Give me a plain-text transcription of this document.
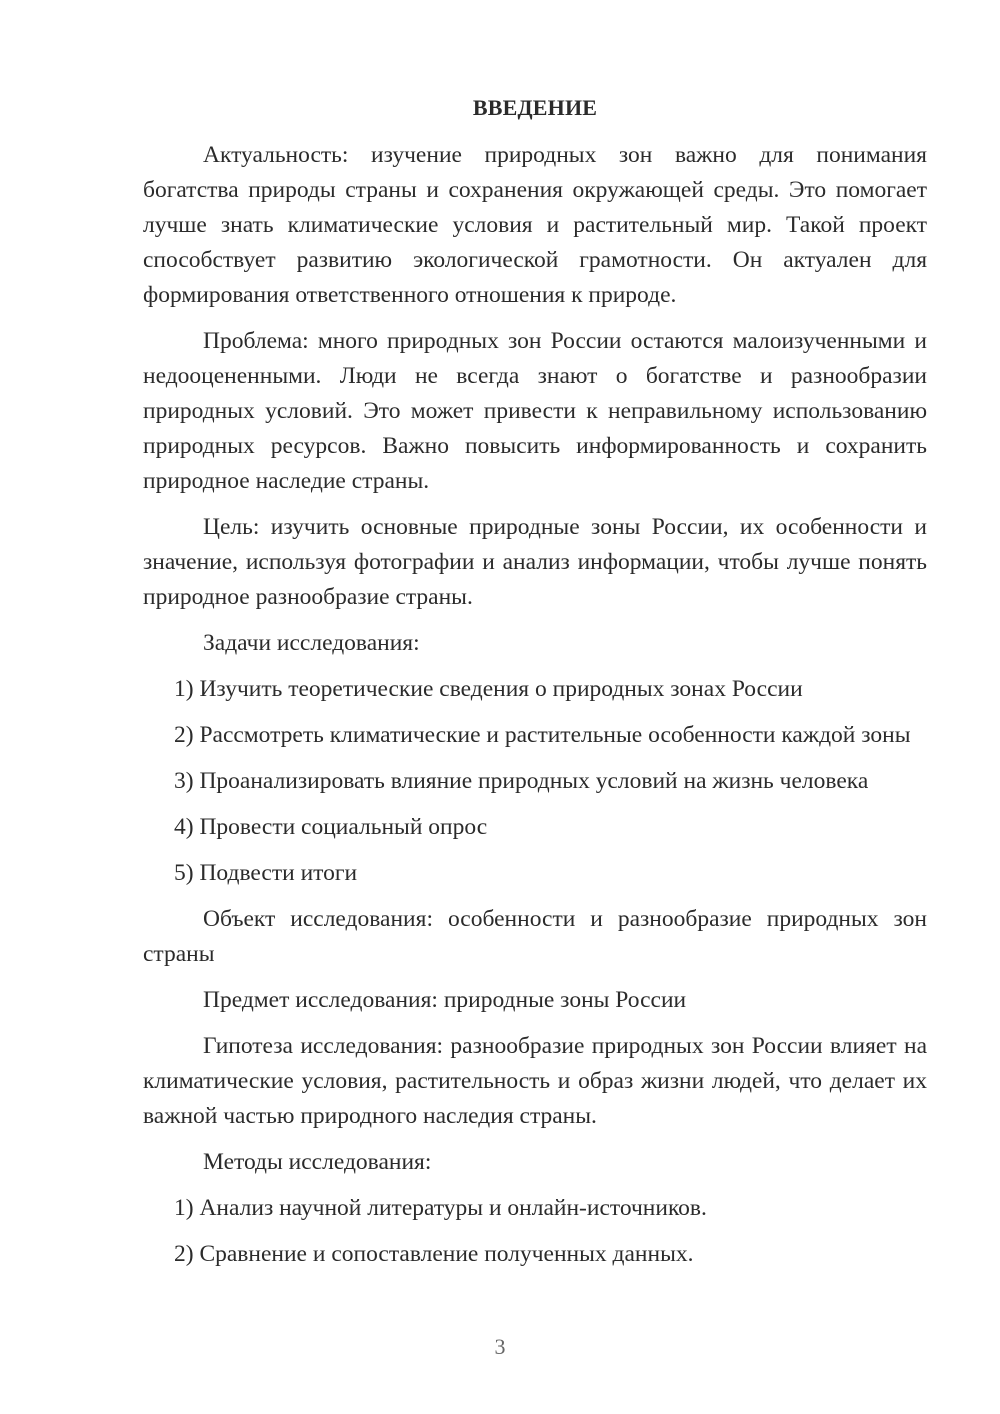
ВВЕДЕНИЕ

Актуальность: изучение природных зон важно для понимания богатства природы страны и сохранения окружающей среды. Это помогает лучше знать климатические условия и растительный мир. Такой проект способствует развитию экологической грамотности. Он актуален для формирования ответственного отношения к природе.

Проблема: много природных зон России остаются малоизученными и недооцененными. Люди не всегда знают о богатстве и разнообразии природных условий. Это может привести к неправильному использованию природных ресурсов. Важно повысить информированность и сохранить природное наследие страны.

Цель: изучить основные природные зоны России, их особенности и значение, используя фотографии и анализ информации, чтобы лучше понять природное разнообразие страны.

Задачи исследования:

1) Изучить теоретические сведения о природных зонах России

2) Рассмотреть климатические и растительные особенности каждой зоны

3) Проанализировать влияние природных условий на жизнь человека

4) Провести социальный опрос

5) Подвести итоги

Объект исследования: особенности и разнообразие природных зон страны

Предмет исследования: природные зоны России

Гипотеза исследования: разнообразие природных зон России влияет на климатические условия, растительность и образ жизни людей, что делает их важной частью природного наследия страны.

Методы исследования:

1) Анализ научной литературы и онлайн-источников.

2) Сравнение и сопоставление полученных данных.

3
